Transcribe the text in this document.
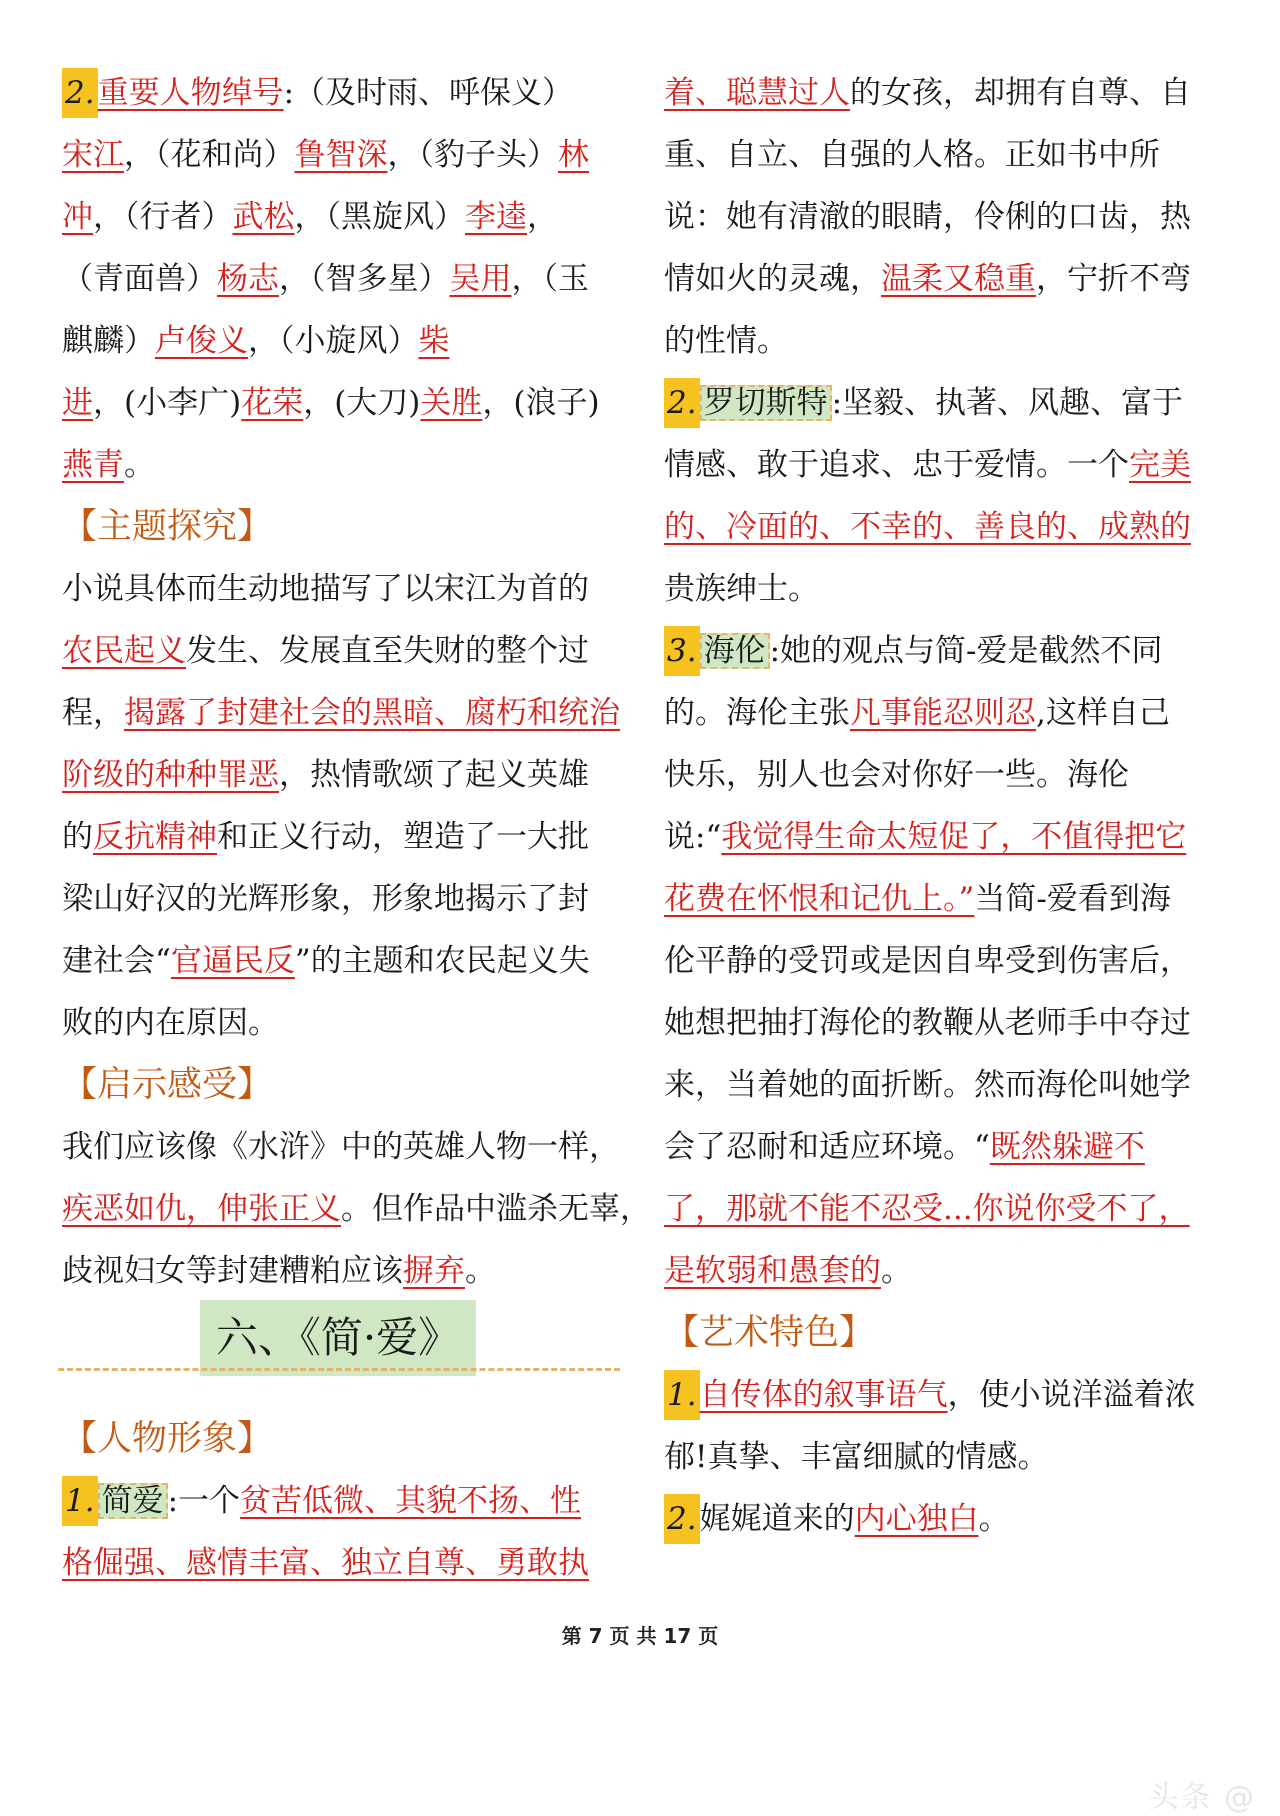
2.重要人物绰号:（及时雨、呼保义）
宋江，（花和尚）鲁智深，（豹子头）林
冲，（行者）武松，（黑旋风）李逵，
（青面兽）杨志，（智多星）吴用，（玉
麒麟）卢俊义，（小旋风）柴
进，(小李广)花荣，(大刀)关胜，(浪子)
燕青。
【主题探究】
小说具体而生动地描写了以宋江为首的
农民起义发生、发展直至失财的整个过
程，揭露了封建社会的黑暗、腐朽和统治
阶级的种种罪恶，热情歌颂了起义英雄
的反抗精神和正义行动，塑造了一大批
梁山好汉的光辉形象，形象地揭示了封
建社会“官逼民反”的主题和农民起义失
败的内在原因。
【启示感受】
我们应该像《水浒》中的英雄人物一样，
疾恶如仇，伸张正义。但作品中滥杀无辜，
歧视妇女等封建糟粕应该摒弃。
【人物形象】
1. 简爱 :一个贫苦低微、其貌不扬、性
格倔强、感情丰富、独立自尊、勇敢执
六、《简·爱》
着、聪慧过人的女孩，却拥有自尊、自
重、自立、自强的人格。正如书中所
说：她有清澈的眼睛，伶俐的口齿，热
情如火的灵魂，温柔又稳重，宁折不弯
的性情。
2. 罗切斯特 :坚毅、执著、风趣、富于
情感、敢于追求、忠于爱情。一个完美
的、冷面的、不幸的、善良的、成熟的
贵族绅士。
3. 海伦 :她的观点与简-爱是截然不同
的。海伦主张凡事能忍则忍,这样自己
快乐，别人也会对你好一些。海伦
说:“我觉得生命太短促了，不值得把它
花费在怀恨和记仇上。”当简-爱看到海
伦平静的受罚或是因自卑受到伤害后，
她想把抽打海伦的教鞭从老师手中夺过
来，当着她的面折断。然而海伦叫她学
会了忍耐和适应环境。“既然躲避不
了，那就不能不忍受...你说你受不了，
是软弱和愚套的。
【艺术特色】
1.自传体的叙事语气，使小说洋溢着浓
郁!真挚、丰富细腻的情感。
2.娓娓道来的内心独白。
第 7 页 共 17 页
头条 @
